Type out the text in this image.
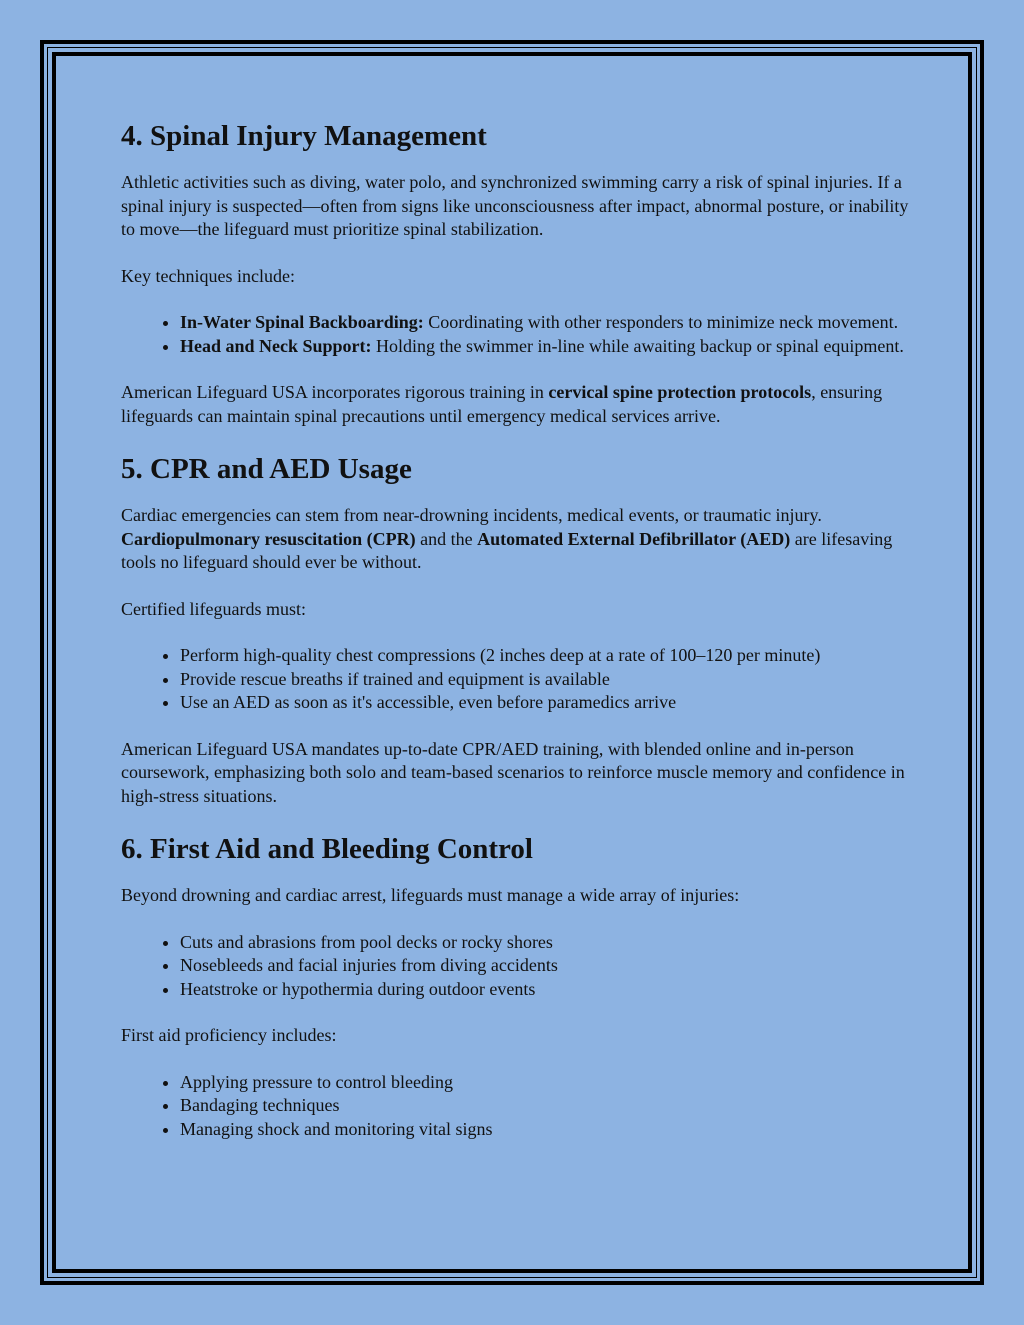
4. Spinal Injury Management

Athletic activities such as diving, water polo, and synchronized swimming carry a risk of spinal injuries. If a spinal injury is suspected—often from signs like unconsciousness after impact, abnormal posture, or inability to move—the lifeguard must prioritize spinal stabilization.

Key techniques include:

• In-Water Spinal Backboarding: Coordinating with other responders to minimize neck movement.
• Head and Neck Support: Holding the swimmer in-line while awaiting backup or spinal equipment.

American Lifeguard USA incorporates rigorous training in cervical spine protection protocols, ensuring lifeguards can maintain spinal precautions until emergency medical services arrive.

5. CPR and AED Usage

Cardiac emergencies can stem from near-drowning incidents, medical events, or traumatic injury. Cardiopulmonary resuscitation (CPR) and the Automated External Defibrillator (AED) are lifesaving tools no lifeguard should ever be without.

Certified lifeguards must:

• Perform high-quality chest compressions (2 inches deep at a rate of 100–120 per minute)
• Provide rescue breaths if trained and equipment is available
• Use an AED as soon as it's accessible, even before paramedics arrive

American Lifeguard USA mandates up-to-date CPR/AED training, with blended online and in-person coursework, emphasizing both solo and team-based scenarios to reinforce muscle memory and confidence in high-stress situations.

6. First Aid and Bleeding Control

Beyond drowning and cardiac arrest, lifeguards must manage a wide array of injuries:

• Cuts and abrasions from pool decks or rocky shores
• Nosebleeds and facial injuries from diving accidents
• Heatstroke or hypothermia during outdoor events

First aid proficiency includes:

• Applying pressure to control bleeding
• Bandaging techniques
• Managing shock and monitoring vital signs
